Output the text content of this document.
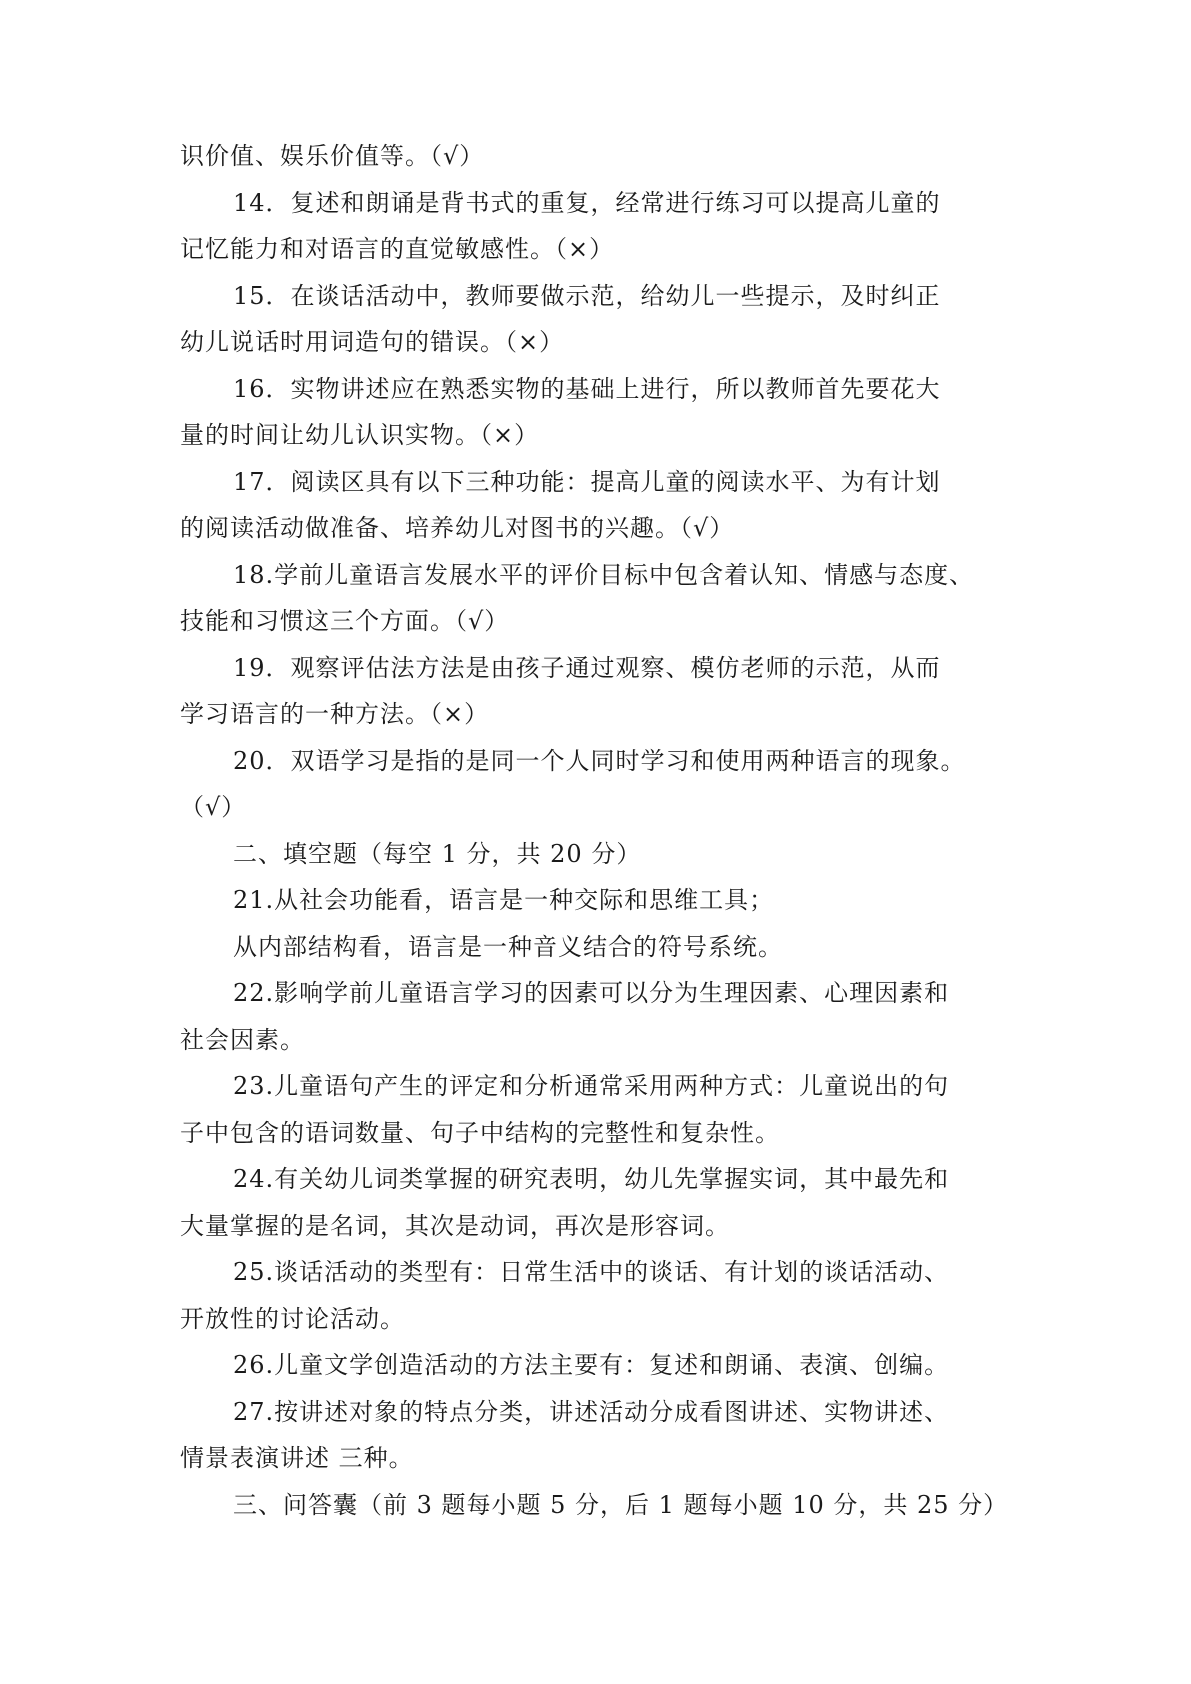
识价值、娱乐价值等。（√）
14．复述和朗诵是背书式的重复，经常进行练习可以提高儿童的
记忆能力和对语言的直觉敏感性。（×）
15．在谈话活动中，教师要做示范，给幼儿一些提示，及时纠正
幼儿说话时用词造句的错误。（×）
16．实物讲述应在熟悉实物的基础上进行，所以教师首先要花大
量的时间让幼儿认识实物。（×）
17．阅读区具有以下三种功能：提高儿童的阅读水平、为有计划
的阅读活动做准备、培养幼儿对图书的兴趣。（√）
18.学前儿童语言发展水平的评价目标中包含着认知、情感与态度、
技能和习惯这三个方面。（√）
19．观察评估法方法是由孩子通过观察、模仿老师的示范，从而
学习语言的一种方法。（×）
20．双语学习是指的是同一个人同时学习和使用两种语言的现象。
（√）
二、填空题（每空 1 分，共 20 分）
21.从社会功能看，语言是一种交际和思维工具；
从内部结构看，语言是一种音义结合的符号系统。
22.影响学前儿童语言学习的因素可以分为生理因素、心理因素和
社会因素。
23.儿童语句产生的评定和分析通常采用两种方式：儿童说出的句
子中包含的语词数量、句子中结构的完整性和复杂性。
24.有关幼儿词类掌握的研究表明，幼儿先掌握实词，其中最先和
大量掌握的是名词，其次是动词，再次是形容词。
25.谈话活动的类型有：日常生活中的谈话、有计划的谈话活动、
开放性的讨论活动。
26.儿童文学创造活动的方法主要有：复述和朗诵、表演、创编。
27.按讲述对象的特点分类，讲述活动分成看图讲述、实物讲述、
情景表演讲述 三种。
三、问答囊（前 3 题每小题 5 分，后 1 题每小题 10 分，共 25 分）
